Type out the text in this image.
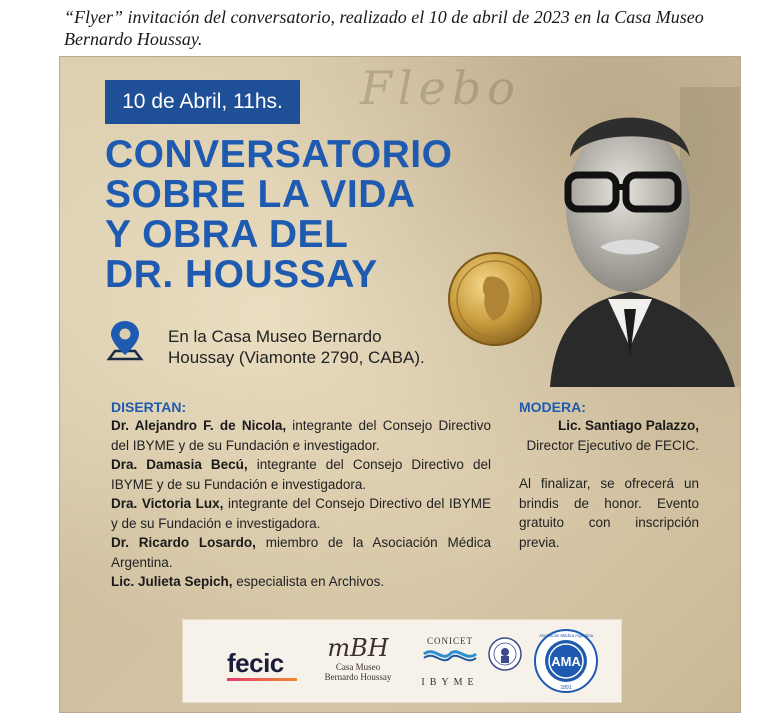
“Flyer” invitación del conversatorio, realizado el 10 de abril de 2023 en la Casa Museo
Bernardo Houssay.
Flebo
10 de Abril, 11hs.
CONVERSATORIO
SOBRE LA VIDA
Y OBRA DEL
DR. HOUSSAY
En la Casa Museo Bernardo
Houssay (Viamonte 2790, CABA).
DISERTAN:
Dr. Alejandro F. de Nicola, integrante del Consejo Directivo del IBYME y de su Fundación e investigador.
Dra. Damasia Becú, integrante del Consejo Directivo del IBYME y de su Fundación e investigadora.
Dra. Victoria Lux, integrante del Consejo Directivo del IBYME y de su Fundación e investigadora.
Dr. Ricardo Losardo, miembro de la Asociación Médica Argentina.
Lic. Julieta Sepich, especialista en Archivos.
MODERA:
Lic. Santiago Palazzo,
Director Ejecutivo de FECIC.
Al finalizar, se ofrecerá un brindis de honor. Evento gratuito con inscripción previa.
fecic	mBH
Casa Museo
Bernardo Houssay
CONICET
IBYME
AMA
1891
Asociación Médica Argentina
